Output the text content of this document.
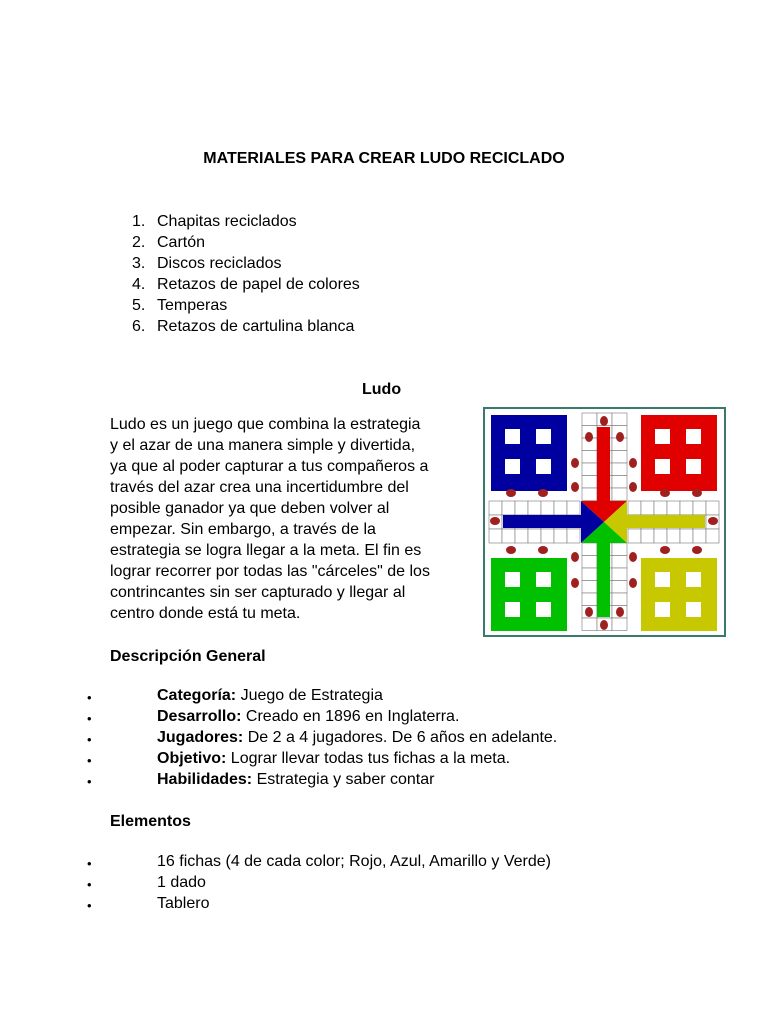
MATERIALES PARA CREAR LUDO RECICLADO
1. Chapitas reciclados
2. Cartón
3. Discos reciclados
4. Retazos de papel de colores
5. Temperas
6. Retazos de cartulina blanca
Ludo
Ludo es un juego que combina la estrategia
y el azar de una manera simple y divertida,
ya que al poder capturar a tus compañeros a
través del azar crea una incertidumbre del
posible ganador ya que deben volver al
empezar. Sin embargo, a través de la
estrategia se logra llegar a la meta. El fin es
lograr recorrer por todas las "cárceles" de los
contrincantes sin ser capturado y llegar al
centro donde está tu meta.
Descripción General
•	Categoría: Juego de Estrategia
•	Desarrollo: Creado en 1896 en Inglaterra.
•	Jugadores: De 2 a 4 jugadores. De 6 años en adelante.
•	Objetivo: Lograr llevar todas tus fichas a la meta.
•	Habilidades: Estrategia y saber contar
Elementos
•	16 fichas (4 de cada color; Rojo, Azul, Amarillo y Verde)
•	1 dado
•	Tablero
